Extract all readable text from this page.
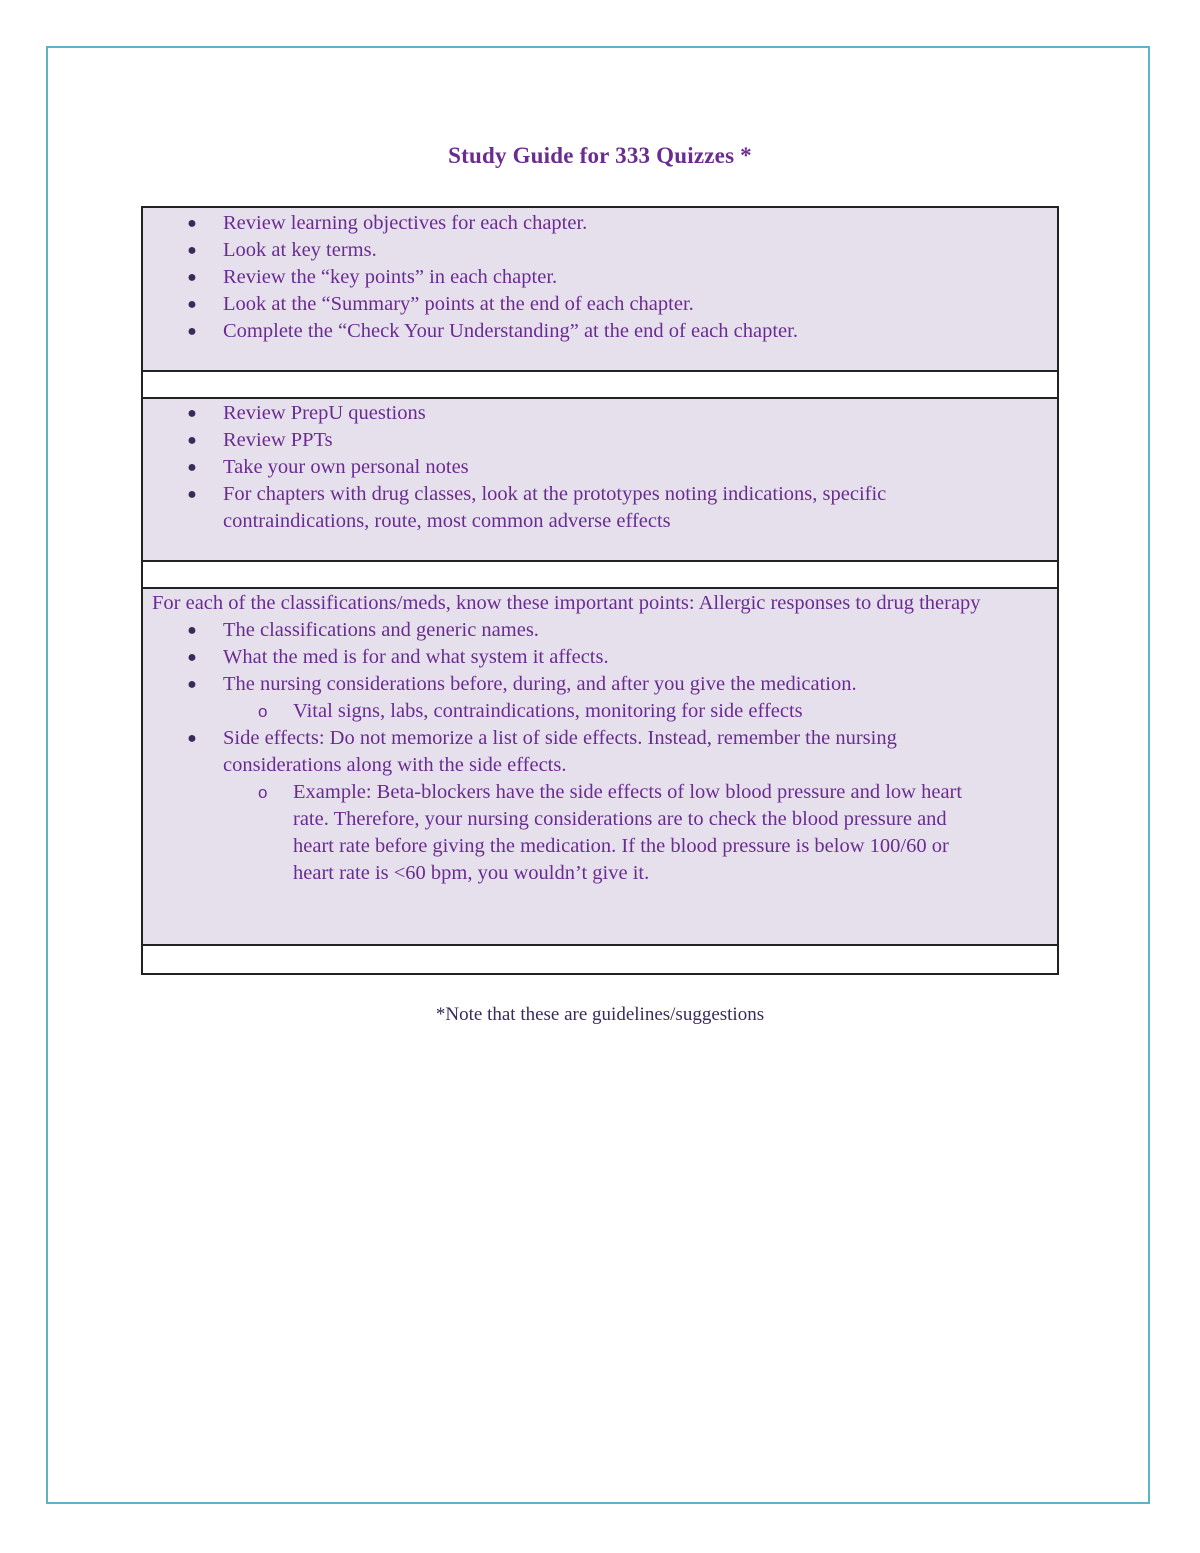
Study Guide for 333 Quizzes *
● Review learning objectives for each chapter.
● Look at key terms.
● Review the “key points” in each chapter.
● Look at the “Summary” points at the end of each chapter.
● Complete the “Check Your Understanding” at the end of each chapter.
● Review PrepU questions
● Review PPTs
● Take your own personal notes
● For chapters with drug classes, look at the prototypes noting indications, specific contraindications, route, most common adverse effects
For each of the classifications/meds, know these important points: Allergic responses to drug therapy
● The classifications and generic names.
● What the med is for and what system it affects.
● The nursing considerations before, during, and after you give the medication.
o Vital signs, labs, contraindications, monitoring for side effects
● Side effects: Do not memorize a list of side effects. Instead, remember the nursing considerations along with the side effects.
o Example: Beta-blockers have the side effects of low blood pressure and low heart rate. Therefore, your nursing considerations are to check the blood pressure and heart rate before giving the medication. If the blood pressure is below 100/60 or heart rate is <60 bpm, you wouldn’t give it.
*Note that these are guidelines/suggestions
